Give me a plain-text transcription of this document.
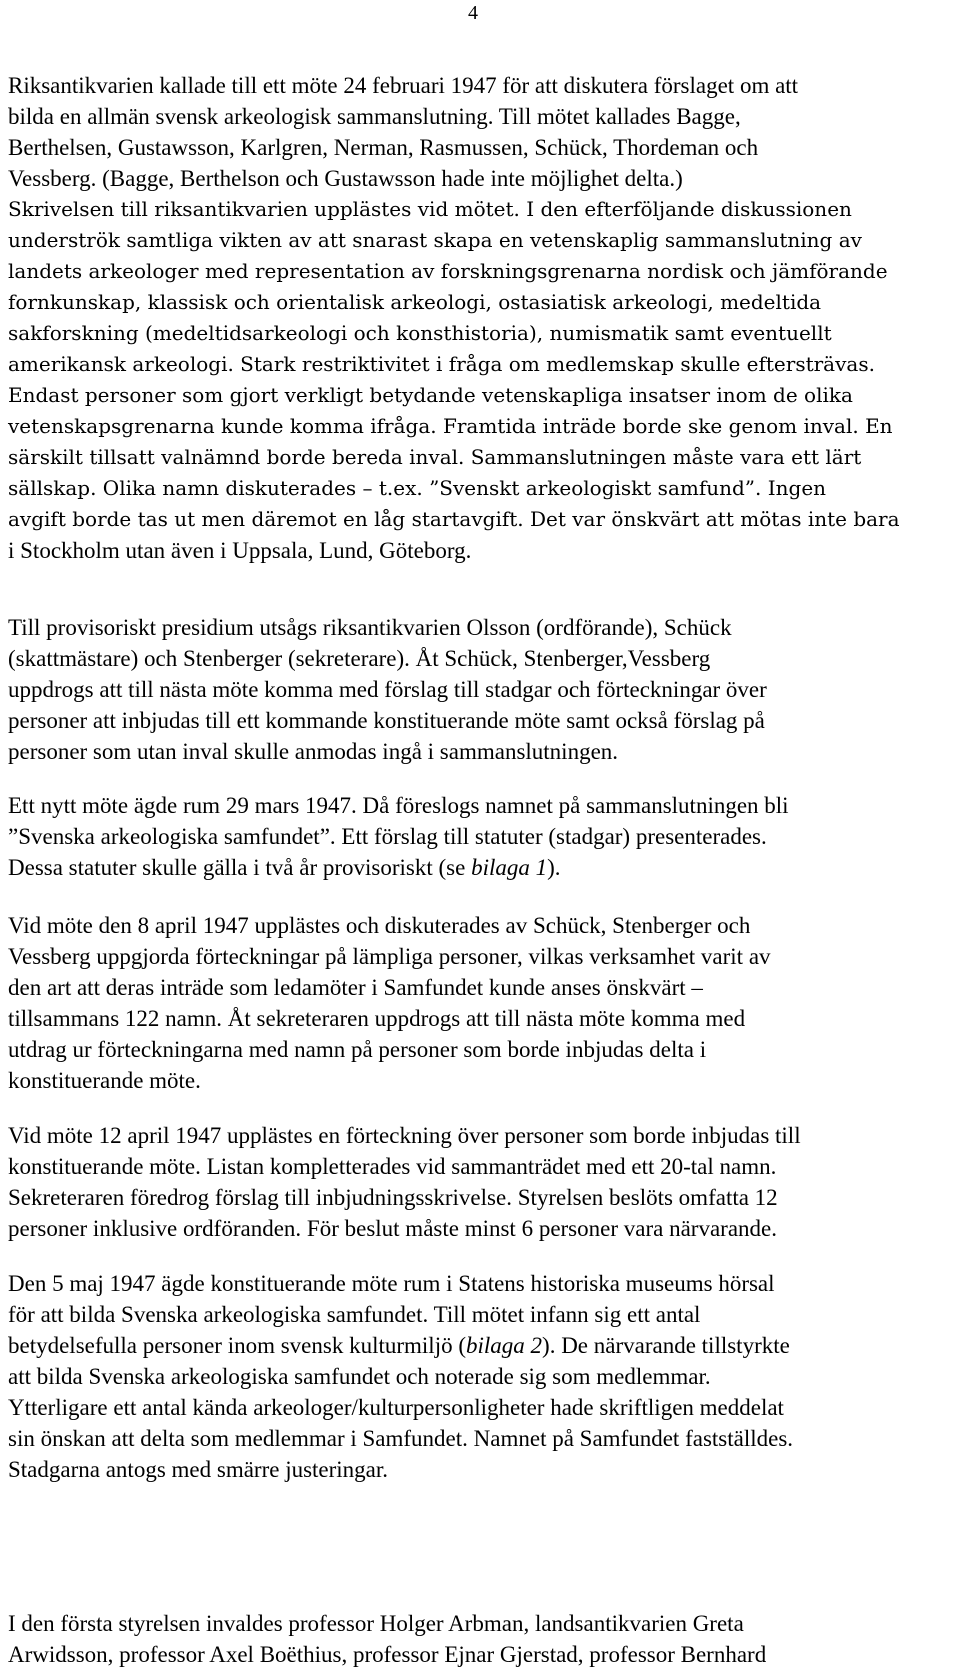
4
Riksantikvarien kallade till ett möte 24 februari 1947 för att diskutera förslaget om att
bilda en allmän svensk arkeologisk sammanslutning. Till mötet kallades Bagge,
Berthelsen, Gustawsson, Karlgren, Nerman, Rasmussen, Schück, Thordeman och
Vessberg. (Bagge, Berthelson och Gustawsson hade inte möjlighet delta.)
Skrivelsen till riksantikvarien upplästes vid mötet. I den efterföljande diskussionen
underströk samtliga vikten av att snarast skapa en vetenskaplig sammanslutning av
landets arkeologer med representation av forskningsgrenarna nordisk och jämförande
fornkunskap, klassisk och orientalisk arkeologi, ostasiatisk arkeologi, medeltida
sakforskning (medeltidsarkeologi och konsthistoria), numismatik samt eventuellt
amerikansk arkeologi. Stark restriktivitet i fråga om medlemskap skulle eftersträvas.
Endast personer som gjort verkligt betydande vetenskapliga insatser inom de olika
vetenskapsgrenarna kunde komma ifråga. Framtida inträde borde ske genom inval. En
särskilt tillsatt valnämnd borde bereda inval. Sammanslutningen måste vara ett lärt
sällskap. Olika namn diskuterades – t.ex. ”Svenskt arkeologiskt samfund”. Ingen
avgift borde tas ut men däremot en låg startavgift. Det var önskvärt att mötas inte bara
i Stockholm utan även i Uppsala, Lund, Göteborg.
Till provisoriskt presidium utsågs riksantikvarien Olsson (ordförande), Schück
(skattmästare) och Stenberger (sekreterare). Åt Schück, Stenberger,Vessberg
uppdrogs att till nästa möte komma med förslag till stadgar och förteckningar över
personer att inbjudas till ett kommande konstituerande möte samt också förslag på
personer som utan inval skulle anmodas ingå i sammanslutningen.
Ett nytt möte ägde rum 29 mars 1947. Då föreslogs namnet på sammanslutningen bli
”Svenska arkeologiska samfundet”. Ett förslag till statuter (stadgar) presenterades.
Dessa statuter skulle gälla i två år provisoriskt (se bilaga 1).
Vid möte den 8 april 1947 upplästes och diskuterades av Schück, Stenberger och
Vessberg uppgjorda förteckningar på lämpliga personer, vilkas verksamhet varit av
den art att deras inträde som ledamöter i Samfundet kunde anses önskvärt –
tillsammans 122 namn. Åt sekreteraren uppdrogs att till nästa möte komma med
utdrag ur förteckningarna med namn på personer som borde inbjudas delta i
konstituerande möte.
Vid möte 12 april 1947 upplästes en förteckning över personer som borde inbjudas till
konstituerande möte. Listan kompletterades vid sammanträdet med ett 20-tal namn.
Sekreteraren föredrog förslag till inbjudningsskrivelse. Styrelsen beslöts omfatta 12
personer inklusive ordföranden. För beslut måste minst 6 personer vara närvarande.
Den 5 maj 1947 ägde konstituerande möte rum i Statens historiska museums hörsal
för att bilda Svenska arkeologiska samfundet. Till mötet infann sig ett antal
betydelsefulla personer inom svensk kulturmiljö (bilaga 2). De närvarande tillstyrkte
att bilda Svenska arkeologiska samfundet och noterade sig som medlemmar.
Ytterligare ett antal kända arkeologer/kulturpersonligheter hade skriftligen meddelat
sin önskan att delta som medlemmar i Samfundet. Namnet på Samfundet fastställdes.
Stadgarna antogs med smärre justeringar.
I den första styrelsen invaldes professor Holger Arbman, landsantikvarien Greta
Arwidsson, professor Axel Boëthius, professor Ejnar Gjerstad, professor Bernhard
